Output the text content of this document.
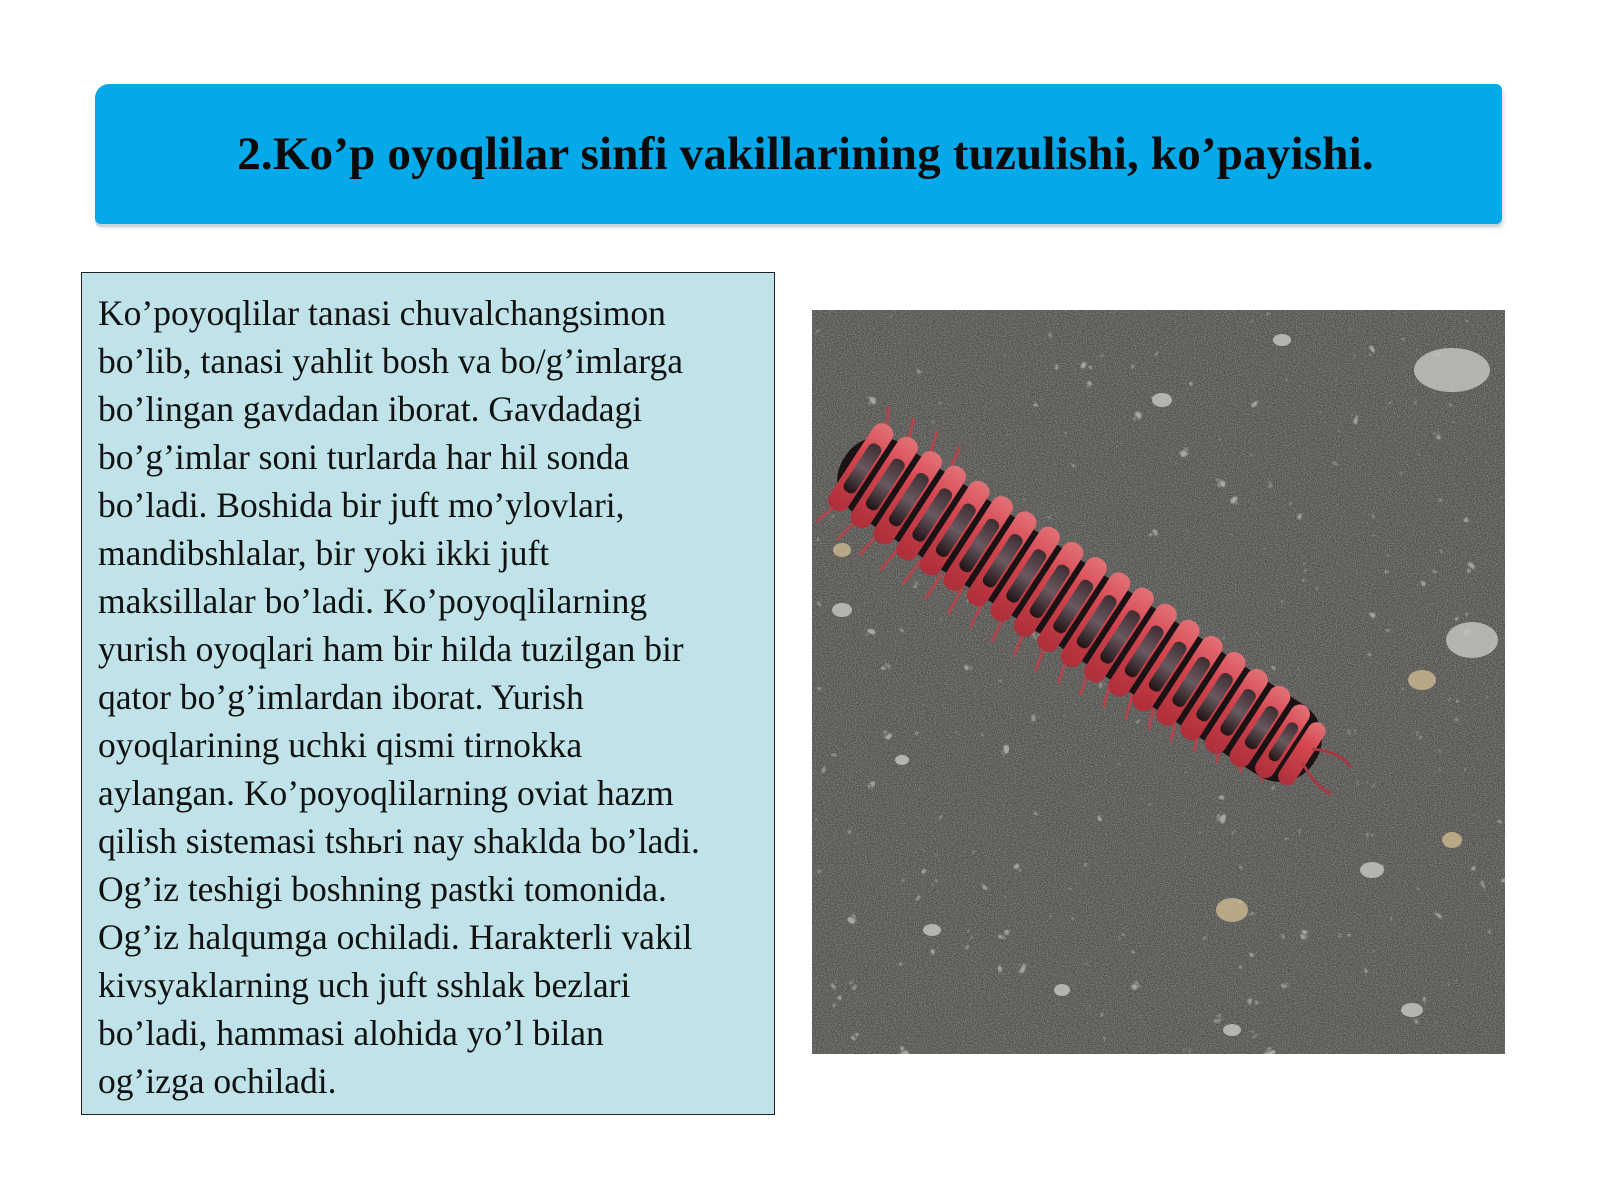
2.Ko’p oyoqlilar sinfi vakillarining tuzulishi, ko’payishi.

Ko’poyoqlilar tanasi chuvalchangsimon
bo’lib, tanasi yahlit bosh va bo/g’imlarga
bo’lingan gavdadan iborat. Gavdadagi
bo’g’imlar soni turlarda har hil sonda
bo’ladi. Boshida bir juft mo’ylovlari,
mandibshlalar, bir yoki ikki juft
maksillalar bo’ladi. Ko’poyoqlilarning
yurish oyoqlari ham bir hilda tuzilgan bir
qator bo’g’imlardan iborat. Yurish
oyoqlarining uchki qismi tirnokka
aylangan. Ko’poyoqlilarning oviat hazm
qilish sistemasi tshьri nay shaklda bo’ladi.
Og’iz teshigi boshning pastki tomonida.
Og’iz halqumga ochiladi. Harakterli vakil
kivsyaklarning uch juft sshlak bezlari
bo’ladi, hammasi alohida yo’l bilan
og’izga ochiladi.
